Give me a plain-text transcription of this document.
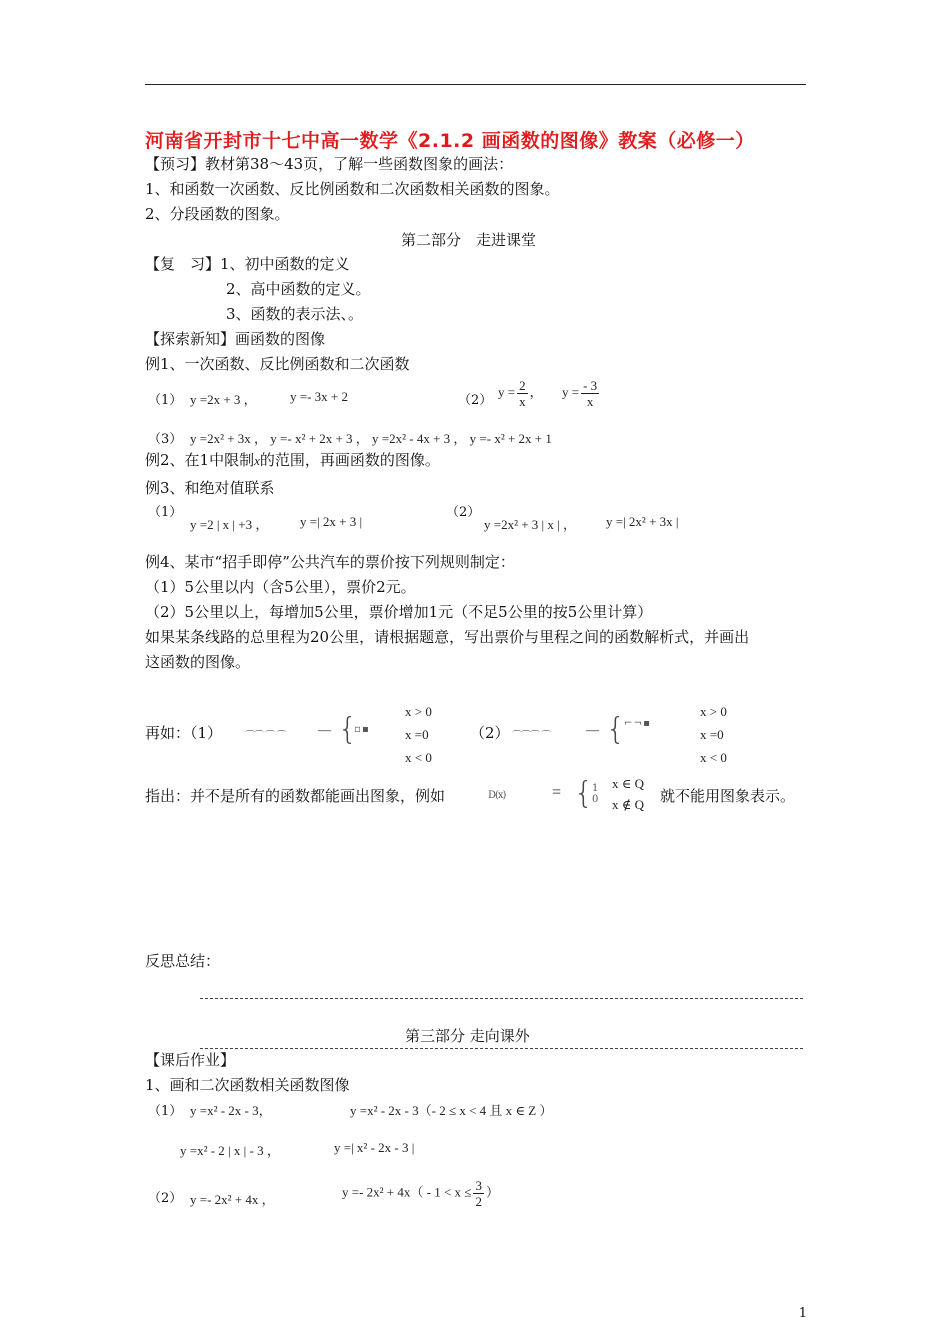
河南省开封市十七中高一数学《2.1.2 画函数的图像》教案（必修一）
【预习】教材第38～43页，了解一些函数图象的画法：
1、和函数一次函数、反比例函数和二次函数相关函数的图象。
2、分段函数的图象。
第二部分　走进课堂
【复　习】1、初中函数的定义
2、高中函数的定义。
3、函数的表示法、。
【探索新知】画函数的图像
例1、一次函数、反比例函数和二次函数
（1） y =2x + 3 ，	y =- 3x + 2	（2）
$y = \frac{2}{x}$ ， $y = \frac{- 3}{x}$
（3） y =2x² + 3x ， y =- x² + 2x + 3 ， y =2x² - 4x + 3 ， y =- x² + 2x + 1
例2、在1中限制x的范围，再画函数的图像。
例3、和绝对值联系
（1）
y =2 | x | +3 ， y =| 2x + 3 |
（2）
y =2x² + 3 | x | ， y =| 2x² + 3x |
例4、某市“招手即停”公共汽车的票价按下列规则制定：
（1）5公里以内（含5公里），票价2元。
（2）5公里以上，每增加5公里，票价增加1元（不足5公里的按5公里计算）
如果某条线路的总里程为20公里，请根据题意，写出票价与里程之间的函数解析式，并画出
这函数的图像。
再如：（1） ⌒⌒ ⌒ ⌒	— {
▫ ▪
x > 0
x =0
x < 0
（2） ⌒⌒⌒ ⌒	— {
⌐ ¬ ▪
x > 0
x =0
x < 0
指出：并不是所有的函数都能画出图象，例如	D(x)	= {
1
0
x ∈ Q
x ∉ Q 就不能用图象表示。
反思总结：
第三部分 走向课外
【课后作业】
1、画和二次函数相关函数图像
（1） y =x² - 2x - 3，	y =x² - 2x - 3（- 2 ≤ x < 4 且 x ∈ Z ）
y =x² - 2 | x | - 3 ，	y =| x² - 2x - 3 |
（2） y =- 2x² + 4x ，
$y =- 2x^2 + 4x( - 1 < x \le \frac{3}{2}$ ）
1
